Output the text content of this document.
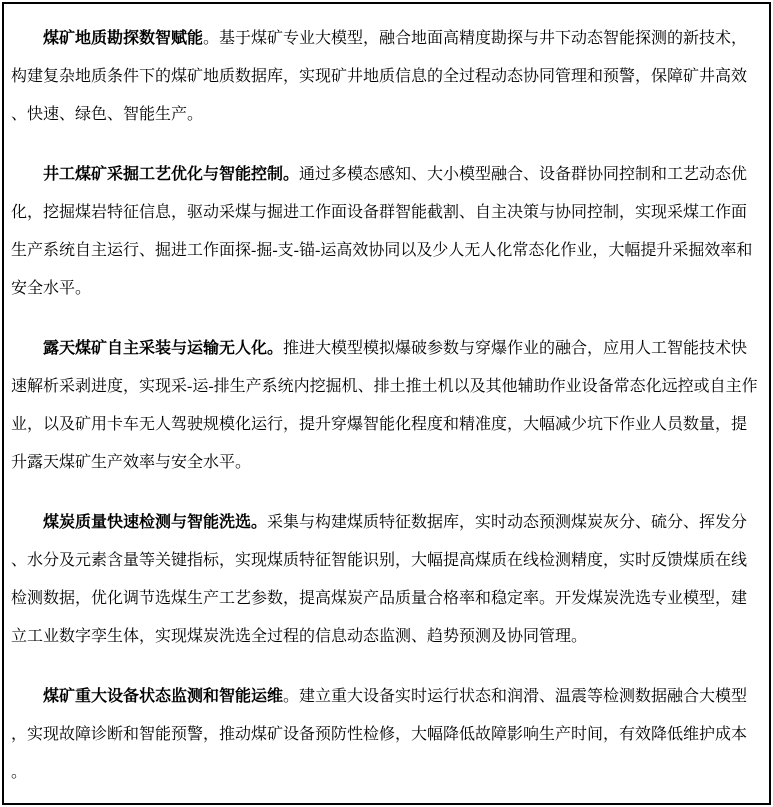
煤矿地质勘探数智赋能。基于煤矿专业大模型，融合地面高精度勘探与井下动态智能探测的新技术，构建复杂地质条件下的煤矿地质数据库，实现矿井地质信息的全过程动态协同管理和预警，保障矿井高效、快速、绿色、智能生产。

井工煤矿采掘工艺优化与智能控制。通过多模态感知、大小模型融合、设备群协同控制和工艺动态优化，挖掘煤岩特征信息，驱动采煤与掘进工作面设备群智能截割、自主决策与协同控制，实现采煤工作面生产系统自主运行、掘进工作面探-掘-支-锚-运高效协同以及少人无人化常态化作业，大幅提升采掘效率和安全水平。

露天煤矿自主采装与运输无人化。推进大模型模拟爆破参数与穿爆作业的融合，应用人工智能技术快速解析采剥进度，实现采-运-排生产系统内挖掘机、排土推土机以及其他辅助作业设备常态化远控或自主作业，以及矿用卡车无人驾驶规模化运行，提升穿爆智能化程度和精准度，大幅减少坑下作业人员数量，提升露天煤矿生产效率与安全水平。

煤炭质量快速检测与智能洗选。采集与构建煤质特征数据库，实时动态预测煤炭灰分、硫分、挥发分、水分及元素含量等关键指标，实现煤质特征智能识别，大幅提高煤质在线检测精度，实时反馈煤质在线检测数据，优化调节选煤生产工艺参数，提高煤炭产品质量合格率和稳定率。开发煤炭洗选专业模型，建立工业数字孪生体，实现煤炭洗选全过程的信息动态监测、趋势预测及协同管理。

煤矿重大设备状态监测和智能运维。建立重大设备实时运行状态和润滑、温震等检测数据融合大模型，实现故障诊断和智能预警，推动煤矿设备预防性检修，大幅降低故障影响生产时间，有效降低维护成本。
